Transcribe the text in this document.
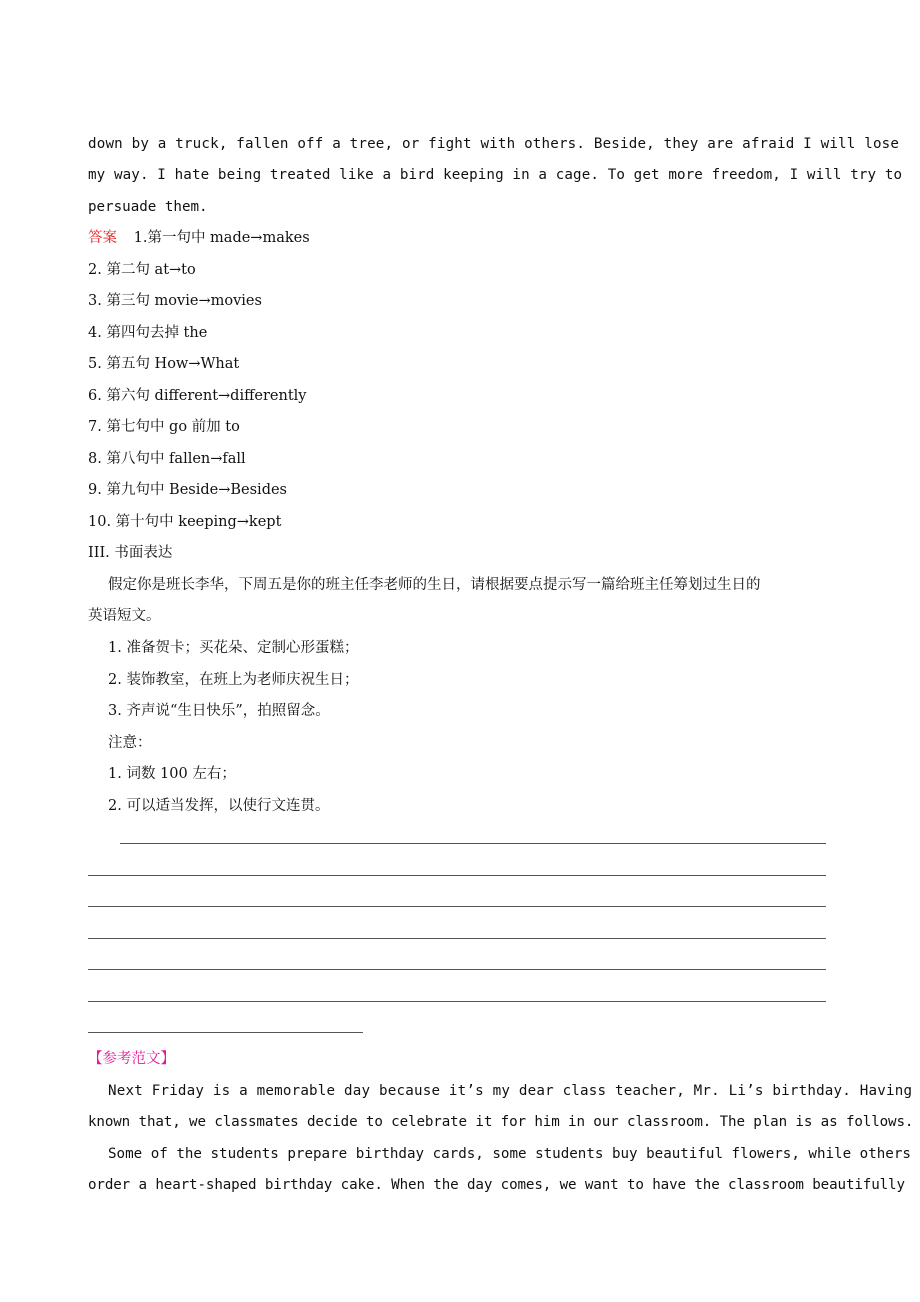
down by a truck, fallen off a tree, or fight with others. Beside, they are afraid I will lose
my way. I hate being treated like a bird keeping in a cage. To get more freedom, I will try to
persuade them.
答案 1.第一句中 made→makes
2. 第二句 at→to
3. 第三句 movie→movies
4. 第四句去掉 the
5. 第五句 How→What
6. 第六句 different→differently
7. 第七句中 go 前加 to
8. 第八句中 fallen→fall
9. 第九句中 Beside→Besides
10. 第十句中 keeping→kept
III. 书面表达
假定你是班长李华，下周五是你的班主任李老师的生日，请根据要点提示写一篇给班主任筹划过生日的
英语短文。
1. 准备贺卡；买花朵、定制心形蛋糕；
2. 装饰教室，在班上为老师庆祝生日；
3. 齐声说“生日快乐”，拍照留念。
注意：
1. 词数 100 左右；
2. 可以适当发挥，以使行文连贯。
【参考范文】
Next Friday is a memorable day because it’s my dear class teacher, Mr. Li’s birthday. Having
known that, we classmates decide to celebrate it for him in our classroom. The plan is as follows.
Some of the students prepare birthday cards, some students buy beautiful flowers, while others
order a heart-shaped birthday cake. When the day comes, we want to have the classroom beautifully
